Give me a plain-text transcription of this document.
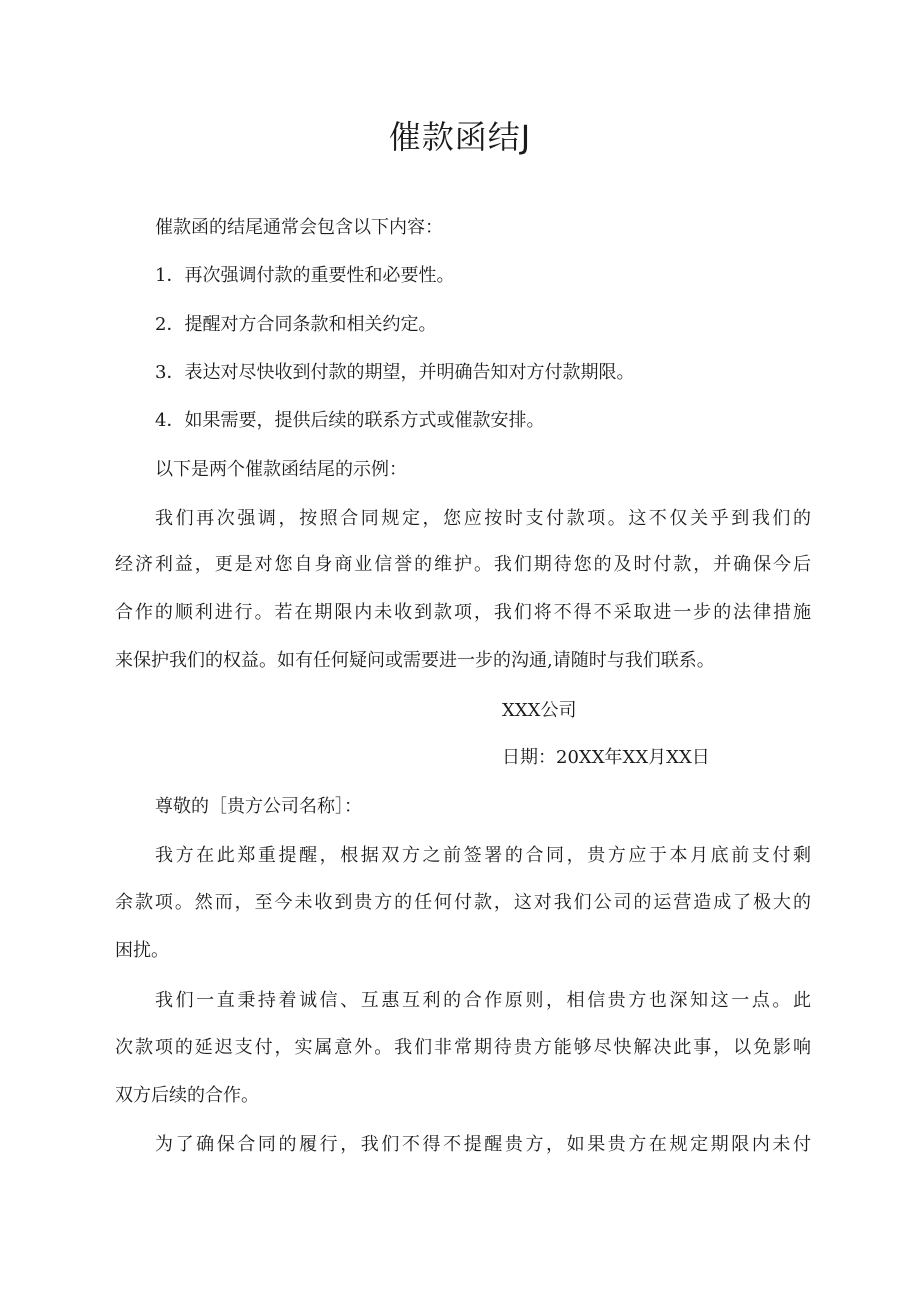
催款函结J

催款函的结尾通常会包含以下内容：

1．再次强调付款的重要性和必要性。

2．提醒对方合同条款和相关约定。

3．表达对尽快收到付款的期望，并明确告知对方付款期限。

4．如果需要，提供后续的联系方式或催款安排。

以下是两个催款函结尾的示例：

我们再次强调，按照合同规定，您应按时支付款项。这不仅关乎到我们的

经济利益，更是对您自身商业信誉的维护。我们期待您的及时付款，并确保今后

合作的顺利进行。若在期限内未收到款项，我们将不得不采取进一步的法律措施

来保护我们的权益。如有任何疑问或需要进一步的沟通,请随时与我们联系。

XXX公司

日期：20XX年XX月XX日

尊敬的［贵方公司名称］：

我方在此郑重提醒，根据双方之前签署的合同，贵方应于本月底前支付剩

余款项。然而，至今未收到贵方的任何付款，这对我们公司的运营造成了极大的

困扰。

我们一直秉持着诚信、互惠互利的合作原则，相信贵方也深知这一点。此

次款项的延迟支付，实属意外。我们非常期待贵方能够尽快解决此事，以免影响

双方后续的合作。

为了确保合同的履行，我们不得不提醒贵方，如果贵方在规定期限内未付
